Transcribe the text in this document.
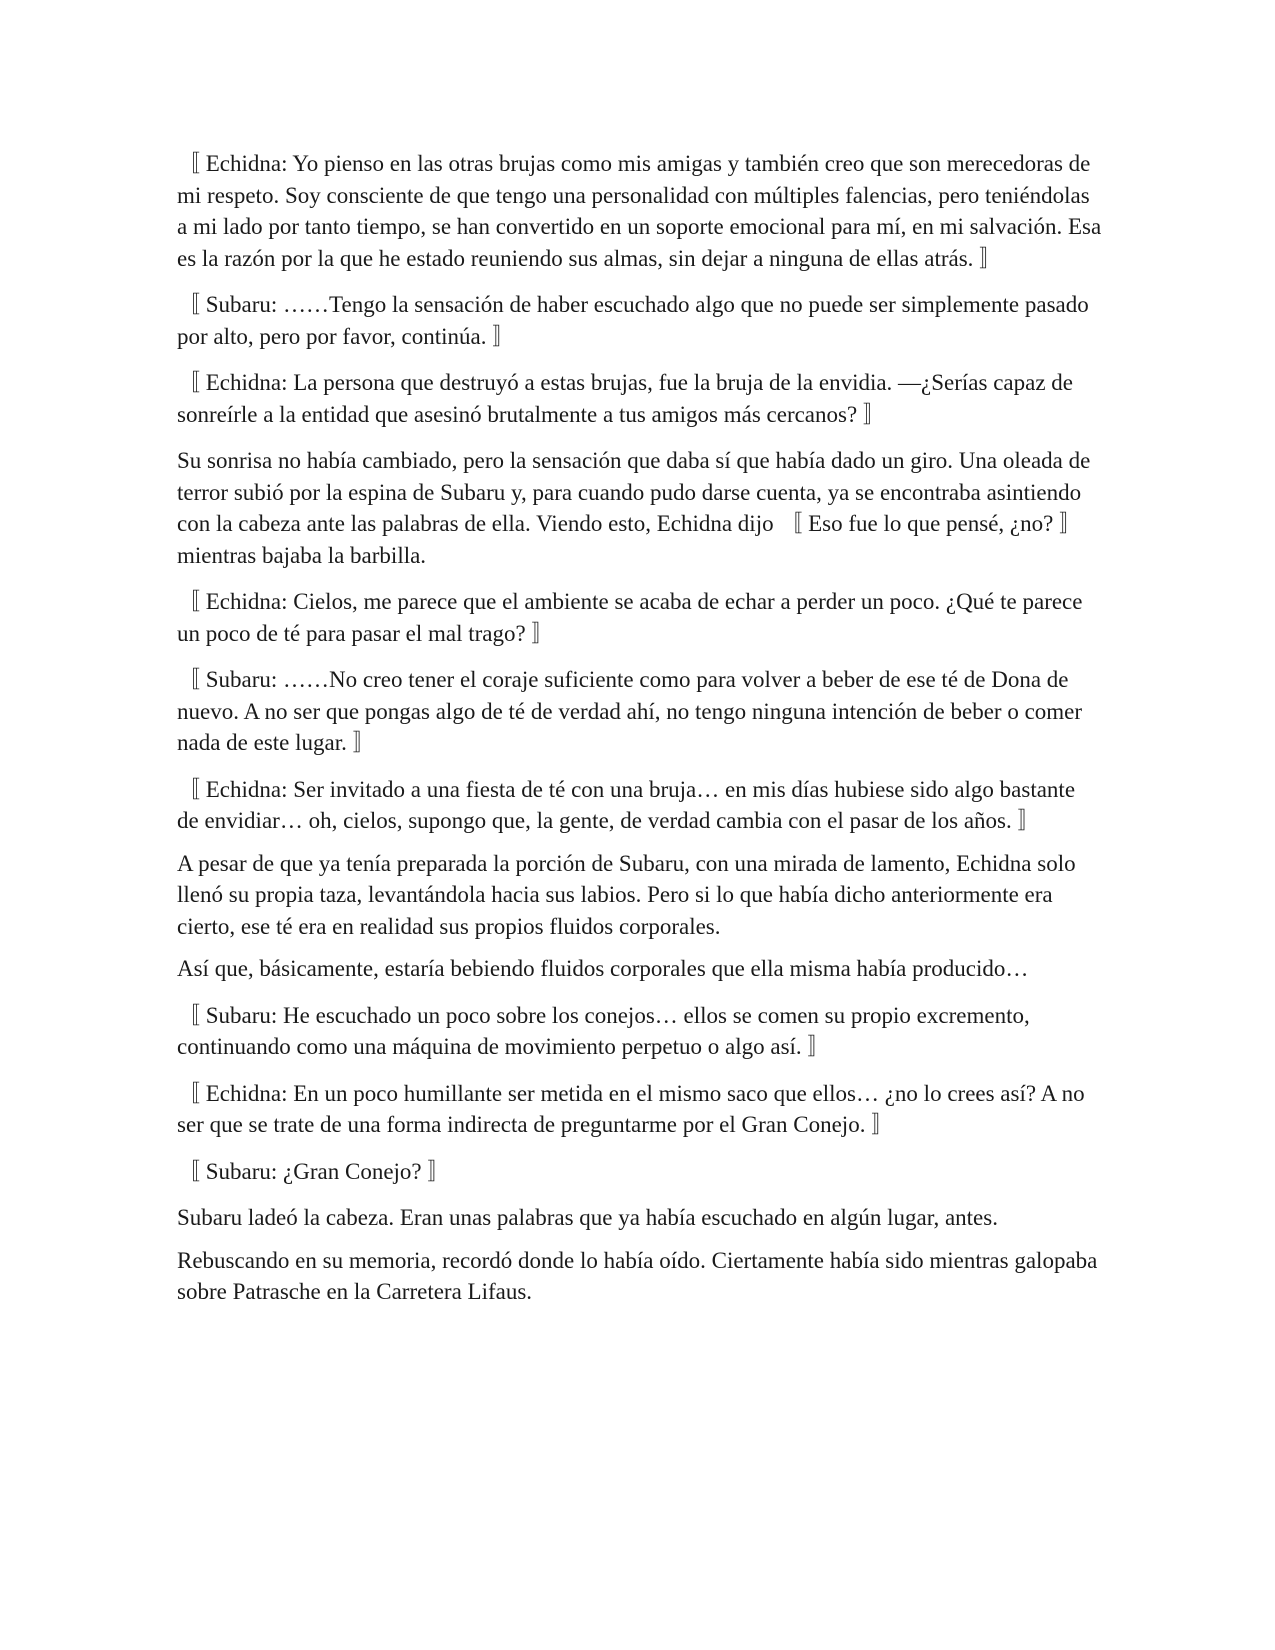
〚 Echidna: Yo pienso en las otras brujas como mis amigas y también creo que son merecedoras de mi respeto. Soy consciente de que tengo una personalidad con múltiples falencias, pero teniéndolas a mi lado por tanto tiempo, se han convertido en un soporte emocional para mí, en mi salvación. Esa es la razón por la que he estado reuniendo sus almas, sin dejar a ninguna de ellas atrás. 〛

〚 Subaru: ……Tengo la sensación de haber escuchado algo que no puede ser simplemente pasado por alto, pero por favor, continúa. 〛

〚 Echidna: La persona que destruyó a estas brujas, fue la bruja de la envidia. —¿Serías capaz de sonreírle a la entidad que asesinó brutalmente a tus amigos más cercanos? 〛

Su sonrisa no había cambiado, pero la sensación que daba sí que había dado un giro. Una oleada de terror subió por la espina de Subaru y, para cuando pudo darse cuenta, ya se encontraba asintiendo con la cabeza ante las palabras de ella. Viendo esto, Echidna dijo 〚 Eso fue lo que pensé, ¿no? 〛 mientras bajaba la barbilla.

〚 Echidna: Cielos, me parece que el ambiente se acaba de echar a perder un poco. ¿Qué te parece un poco de té para pasar el mal trago? 〛

〚 Subaru: ……No creo tener el coraje suficiente como para volver a beber de ese té de Dona de nuevo. A no ser que pongas algo de té de verdad ahí, no tengo ninguna intención de beber o comer nada de este lugar. 〛

〚 Echidna: Ser invitado a una fiesta de té con una bruja… en mis días hubiese sido algo bastante de envidiar… oh, cielos, supongo que, la gente, de verdad cambia con el pasar de los años. 〛

A pesar de que ya tenía preparada la porción de Subaru, con una mirada de lamento, Echidna solo llenó su propia taza, levantándola hacia sus labios. Pero si lo que había dicho anteriormente era cierto, ese té era en realidad sus propios fluidos corporales.

Así que, básicamente, estaría bebiendo fluidos corporales que ella misma había producido…

〚 Subaru: He escuchado un poco sobre los conejos… ellos se comen su propio excremento, continuando como una máquina de movimiento perpetuo o algo así. 〛

〚 Echidna: En un poco humillante ser metida en el mismo saco que ellos… ¿no lo crees así? A no ser que se trate de una forma indirecta de preguntarme por el Gran Conejo. 〛

〚 Subaru: ¿Gran Conejo? 〛

Subaru ladeó la cabeza. Eran unas palabras que ya había escuchado en algún lugar, antes.

Rebuscando en su memoria, recordó donde lo había oído. Ciertamente había sido mientras galopaba sobre Patrasche en la Carretera Lifaus.
